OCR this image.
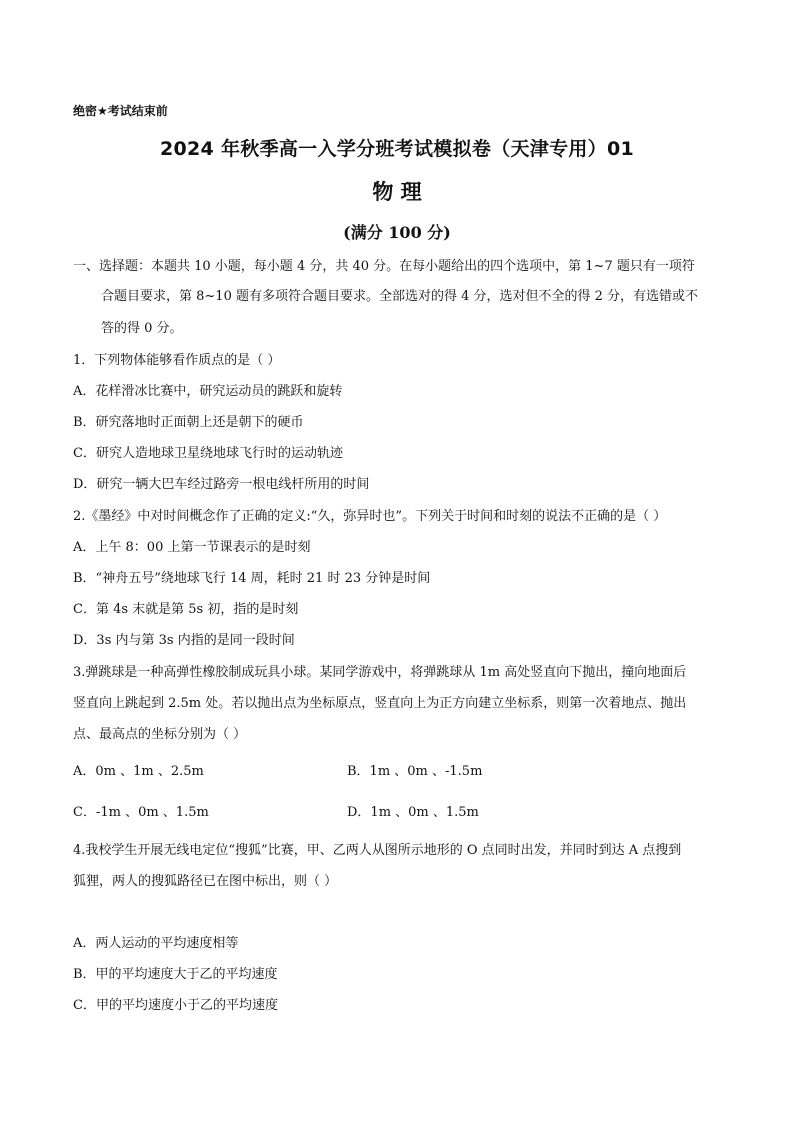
绝密★考试结束前
2024 年秋季高一入学分班考试模拟卷（天津专用）01
物 理
(满分 100 分)
一、选择题：本题共 10 小题，每小题 4 分，共 40 分。在每小题给出的四个选项中，第 1~7 题只有一项符
合题目要求，第 8~10 题有多项符合题目要求。全部选对的得 4 分，选对但不全的得 2 分，有选错或不
答的得 0 分。
1．下列物体能够看作质点的是（ ）
A．花样滑冰比赛中，研究运动员的跳跃和旋转
B．研究落地时正面朝上还是朝下的硬币
C．研究人造地球卫星绕地球飞行时的运动轨迹
D．研究一辆大巴车经过路旁一根电线杆所用的时间
2.《墨经》中对时间概念作了正确的定义:“久，弥异时也”。下列关于时间和时刻的说法不正确的是（ ）
A．上午 8：00 上第一节课表示的是时刻
B．“神舟五号”绕地球飞行 14 周，耗时 21 时 23 分钟是时间
C．第 4s 末就是第 5s 初，指的是时刻
D．3s 内与第 3s 内指的是同一段时间
3.弹跳球是一种高弹性橡胶制成玩具小球。某同学游戏中，将弹跳球从 1m 高处竖直向下抛出，撞向地面后
竖直向上跳起到 2.5m 处。若以抛出点为坐标原点，竖直向上为正方向建立坐标系，则第一次着地点、抛出
点、最高点的坐标分别为（ ）
A．0m 、1m 、2.5m	B．1m 、0m 、-1.5m
C．-1m 、0m 、1.5m	D．1m 、0m 、1.5m
4.我校学生开展无线电定位“搜狐”比赛，甲、乙两人从图所示地形的 O 点同时出发，并同时到达 A 点搜到
狐狸，两人的搜狐路径已在图中标出，则（ ）
A．两人运动的平均速度相等
B．甲的平均速度大于乙的平均速度
C．甲的平均速度小于乙的平均速度
